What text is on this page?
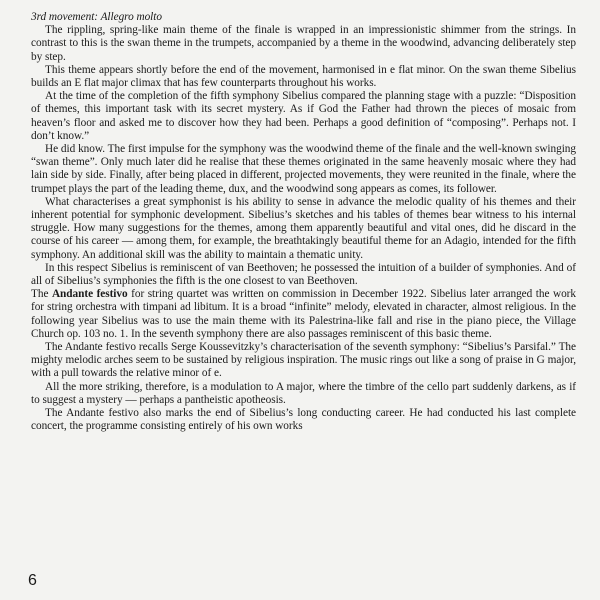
3rd movement: Allegro molto

The rippling, spring-like main theme of the finale is wrapped in an impressionistic shimmer from the strings. In contrast to this is the swan theme in the trumpets, accompanied by a theme in the woodwind, advancing deliberately step by step.

This theme appears shortly before the end of the movement, harmonised in e flat minor. On the swan theme Sibelius builds an E flat major climax that has few counterparts throughout his works.

At the time of the completion of the fifth symphony Sibelius compared the planning stage with a puzzle: “Disposition of themes, this important task with its secret mystery. As if God the Father had thrown the pieces of mosaic from heaven’s floor and asked me to discover how they had been. Perhaps a good definition of “composing”. Perhaps not. I don’t know.”

He did know. The first impulse for the symphony was the woodwind theme of the finale and the well-known swinging “swan theme”. Only much later did he realise that these themes originated in the same heavenly mosaic where they had lain side by side. Finally, after being placed in different, projected movements, they were reunited in the finale, where the trumpet plays the part of the leading theme, dux, and the woodwind song appears as comes, its follower.

What characterises a great symphonist is his ability to sense in advance the melodic quality of his themes and their inherent potential for symphonic development. Sibelius’s sketches and his tables of themes bear witness to his internal struggle. How many suggestions for the themes, among them apparently beautiful and vital ones, did he discard in the course of his career — among them, for example, the breathtakingly beautiful theme for an Adagio, intended for the fifth symphony. An additional skill was the ability to maintain a thematic unity.

In this respect Sibelius is reminiscent of van Beethoven; he possessed the intuition of a builder of symphonies. And of all of Sibelius’s symphonies the fifth is the one closest to van Beethoven.

The Andante festivo for string quartet was written on commission in December 1922. Sibelius later arranged the work for string orchestra with timpani ad libitum. It is a broad “infinite” melody, elevated in character, almost religious. In the following year Sibelius was to use the main theme with its Palestrina-like fall and rise in the piano piece, the Village Church op. 103 no. 1. In the seventh symphony there are also passages reminiscent of this basic theme.

The Andante festivo recalls Serge Koussevitzky’s characterisation of the seventh symphony: “Sibelius’s Parsifal.” The mighty melodic arches seem to be sustained by religious inspiration. The music rings out like a song of praise in G major, with a pull towards the relative minor of e.

All the more striking, therefore, is a modulation to A major, where the timbre of the cello part suddenly darkens, as if to suggest a mystery — perhaps a pantheistic apotheosis.

The Andante festivo also marks the end of Sibelius’s long conducting career. He had conducted his last complete concert, the programme consisting entirely of his own works

6
